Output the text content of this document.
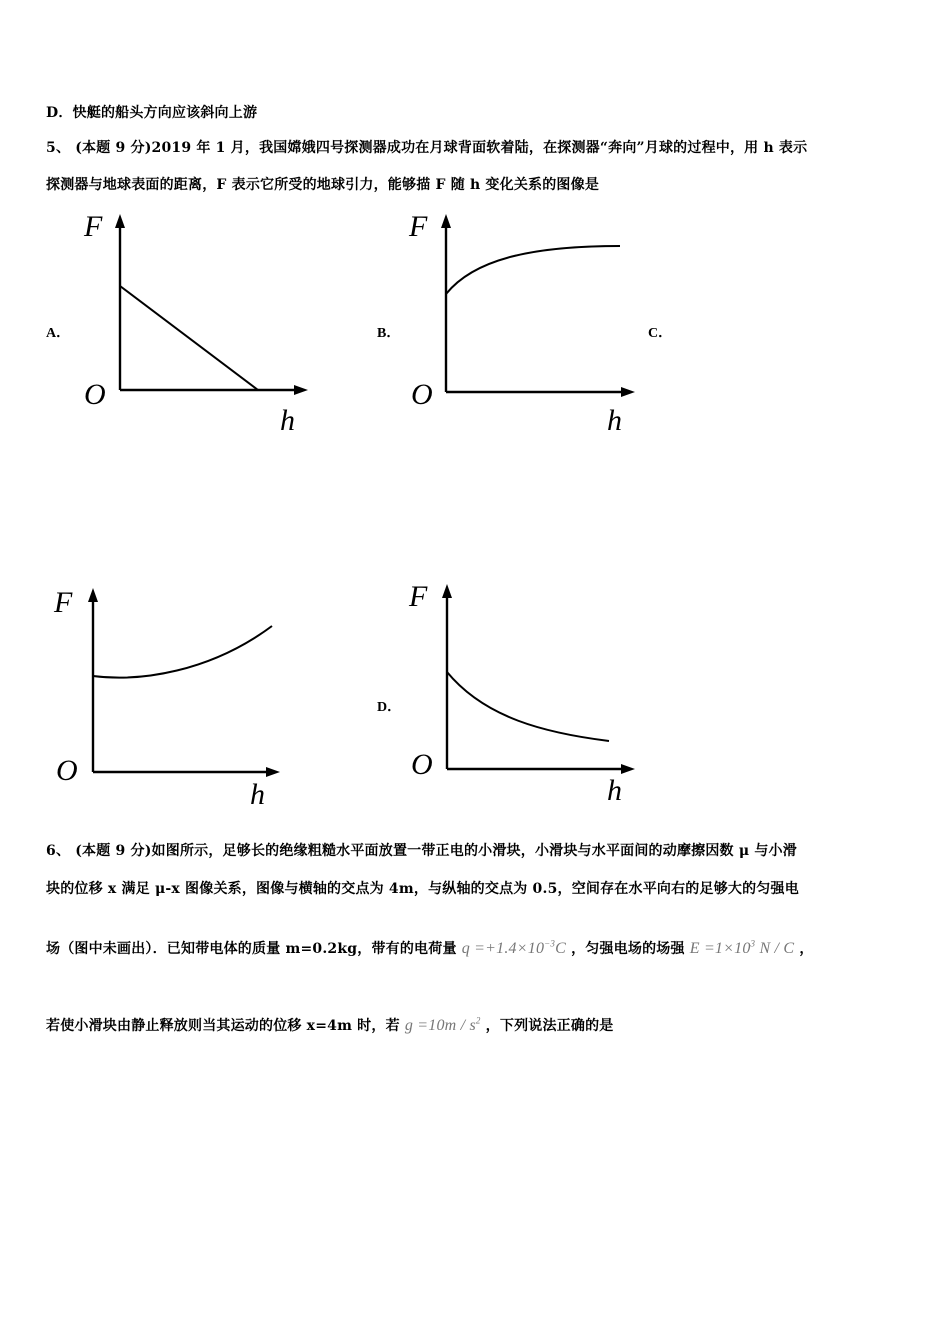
D．快艇的船头方向应该斜向上游
5、 (本题 9 分)2019 年 1 月，我国嫦娥四号探测器成功在月球背面软着陆，在探测器“奔向”月球的过程中，用 h 表示
探测器与地球表面的距离，F 表示它所受的地球引力，能够描 F 随 h 变化关系的图像是
A．
F
O
h
B．
F
O
h
C．
F
O
h
D．
F
O
h
6、 (本题 9 分)如图所示，足够长的绝缘粗糙水平面放置一带正电的小滑块，小滑块与水平面间的动摩擦因数 μ 与小滑
块的位移 x 满足 μ-x 图像关系，图像与横轴的交点为 4m，与纵轴的交点为 0.5，空间存在水平向右的足够大的匀强电
场（图中未画出）．已知带电体的质量 m=0.2kg，带有的电荷量 $q =+1.4\times 10^{-3}C$ ，匀强电场的场强 $E =1\times 10^3$ N / C ，
若使小滑块由静止释放则当其运动的位移 x=4m 时，若 $g =10m / s^2$ ，下列说法正确的是
